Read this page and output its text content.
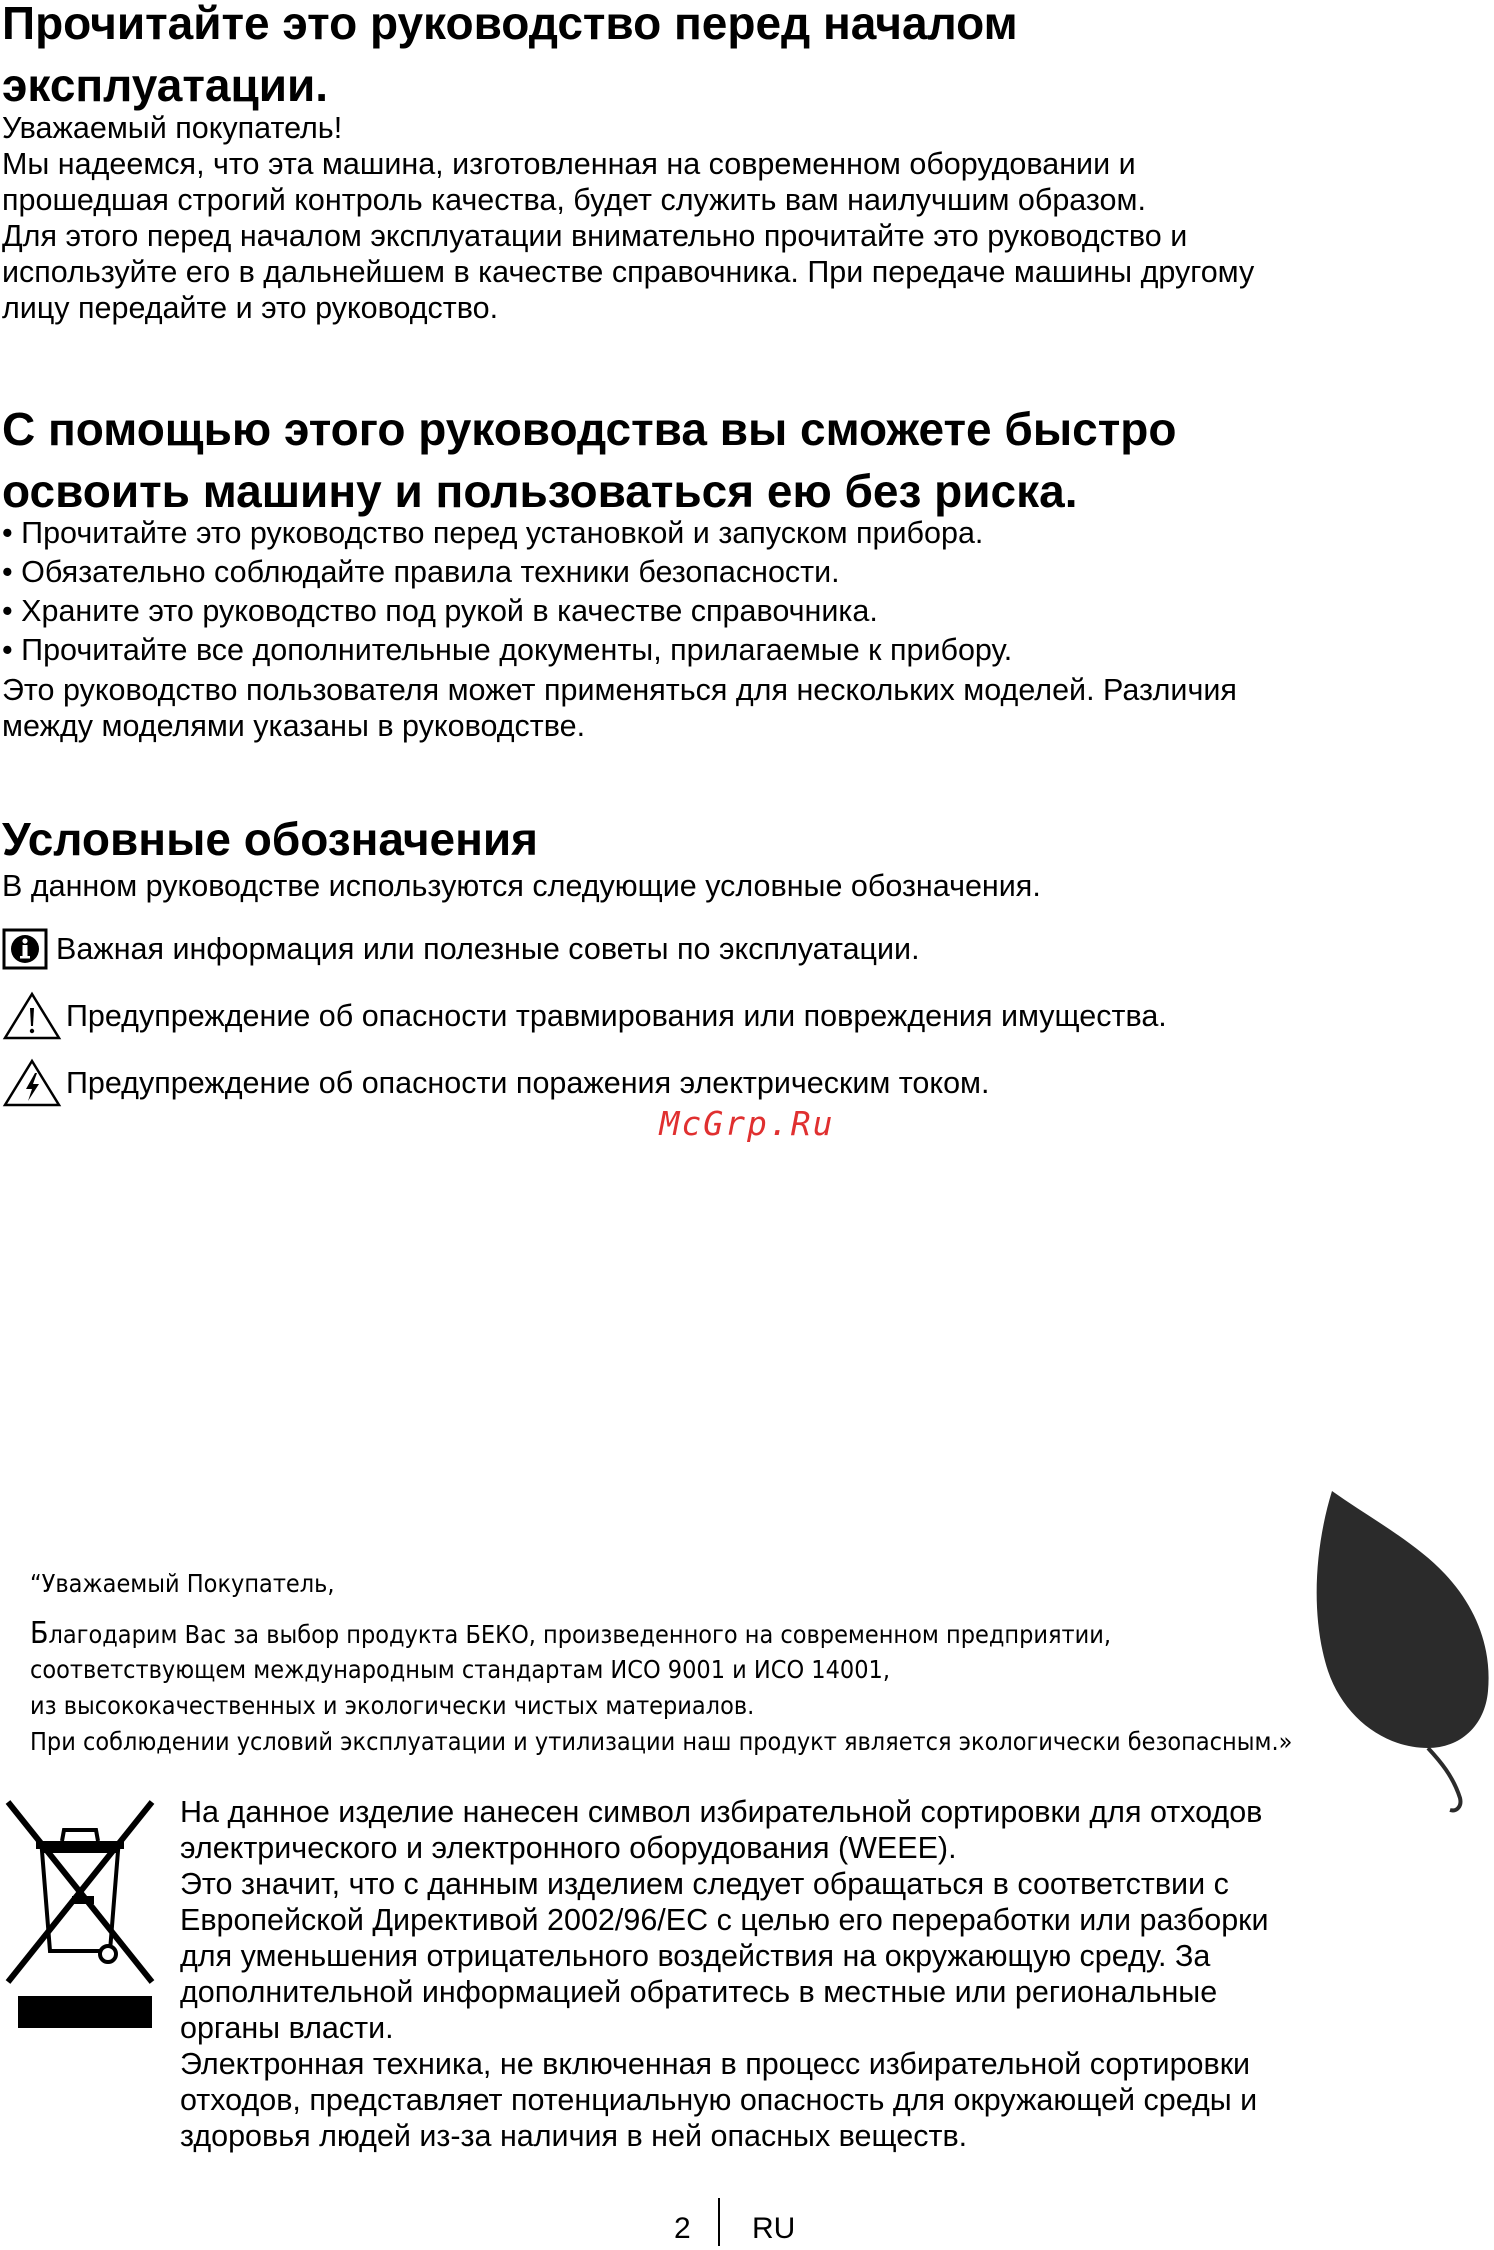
Прочитайте это руководство перед началом
эксплуатации.
Уважаемый покупатель!
Мы надеемся, что эта машина, изготовленная на современном оборудовании и
прошедшая строгий контроль качества, будет служить вам наилучшим образом.
Для этого перед началом эксплуатации внимательно прочитайте это руководство и
используйте его в дальнейшем в качестве справочника. При передаче машины другому
лицу передайте и это руководство.
С помощью этого руководства вы сможете быстро
освоить машину и пользоваться ею без риска.
• Прочитайте это руководство перед установкой и запуском прибора.
• Обязательно соблюдайте правила техники безопасности.
• Храните это руководство под рукой в качестве справочника.
• Прочитайте все дополнительные документы, прилагаемые к прибору.
Это руководство пользователя может применяться для нескольких моделей. Различия
между моделями указаны в руководстве.
Условные обозначения
В данном руководстве используются следующие условные обозначения.
Важная информация или полезные советы по эксплуатации.
Предупреждение об опасности травмирования или повреждения имущества.
Предупреждение об опасности поражения электрическим током.
McGrp.Ru
“Уважаемый Покупатель,
Благодарим Вас за выбор продукта БЕКО, произведенного на современном предприятии,
соответствующем международным стандартам ИСО 9001 и ИСО 14001,
из высококачественных и экологически чистых материалов.
При соблюдении условий эксплуатации и утилизации наш продукт является экологически безопасным.»
На данное изделие нанесен символ избирательной сортировки для отходов
электрического и электронного оборудования (WEEE).
Это значит, что с данным изделием следует обращаться в соответствии с
Европейской Директивой 2002/96/ЕС с целью его переработки или разборки
для уменьшения отрицательного воздействия на окружающую среду. За
дополнительной информацией обратитесь в местные или региональные
органы власти.
Электронная техника, не включенная в процесс избирательной сортировки
отходов, представляет потенциальную опасность для окружающей среды и
здоровья людей из-за наличия в ней опасных веществ.
2 RU
